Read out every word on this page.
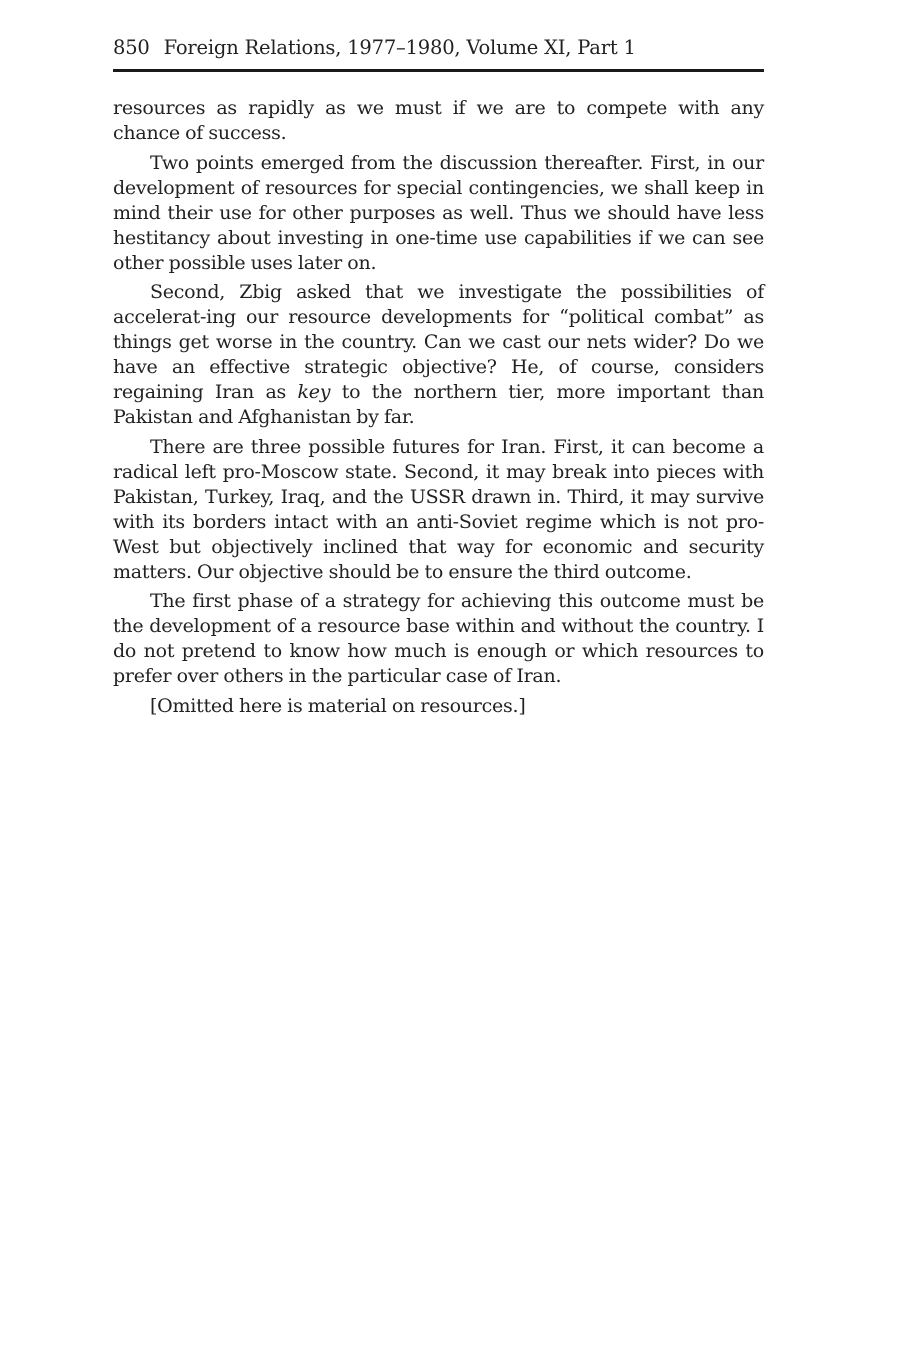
850 Foreign Relations, 1977–1980, Volume XI, Part 1

resources as rapidly as we must if we are to compete with any chance of success.

Two points emerged from the discussion thereafter. First, in our development of resources for special contingencies, we shall keep in mind their use for other purposes as well. Thus we should have less hestitancy about investing in one-time use capabilities if we can see other possible uses later on.

Second, Zbig asked that we investigate the possibilities of accelerat-ing our resource developments for “political combat” as things get worse in the country. Can we cast our nets wider? Do we have an effective strategic objective? He, of course, considers regaining Iran as key to the northern tier, more important than Pakistan and Afghanistan by far.

There are three possible futures for Iran. First, it can become a radical left pro-Moscow state. Second, it may break into pieces with Pakistan, Turkey, Iraq, and the USSR drawn in. Third, it may survive with its borders intact with an anti-Soviet regime which is not pro-West but objectively inclined that way for economic and security matters. Our objective should be to ensure the third outcome.

The first phase of a strategy for achieving this outcome must be the development of a resource base within and without the country. I do not pretend to know how much is enough or which resources to prefer over others in the particular case of Iran.

[Omitted here is material on resources.]
